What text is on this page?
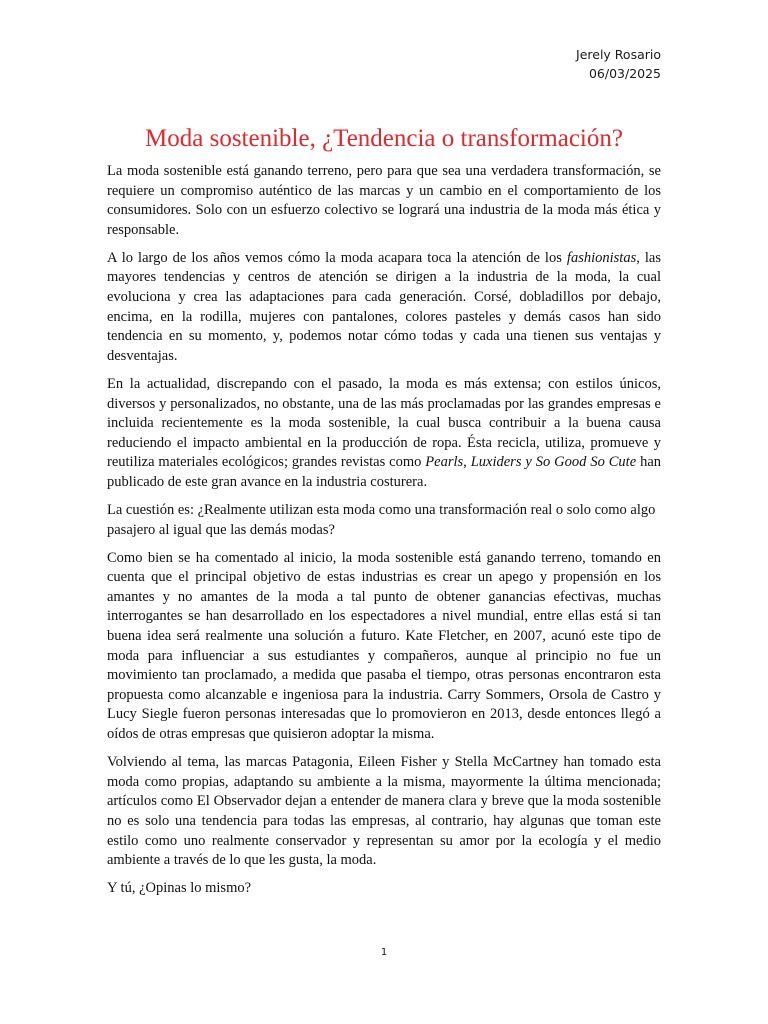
Jerely Rosario
06/03/2025
Moda sostenible, ¿Tendencia o transformación?

La moda sostenible está ganando terreno, pero para que sea una verdadera transformación, se requiere un compromiso auténtico de las marcas y un cambio en el comportamiento de los consumidores. Solo con un esfuerzo colectivo se logrará una industria de la moda más ética y responsable.

A lo largo de los años vemos cómo la moda acapara toca la atención de los fashionistas, las mayores tendencias y centros de atención se dirigen a la industria de la moda, la cual evoluciona y crea las adaptaciones para cada generación. Corsé, dobladillos por debajo, encima, en la rodilla, mujeres con pantalones, colores pasteles y demás casos han sido tendencia en su momento, y, podemos notar cómo todas y cada una tienen sus ventajas y desventajas.

En la actualidad, discrepando con el pasado, la moda es más extensa; con estilos únicos, diversos y personalizados, no obstante, una de las más proclamadas por las grandes empresas e incluida recientemente es la moda sostenible, la cual busca contribuir a la buena causa reduciendo el impacto ambiental en la producción de ropa. Ésta recicla, utiliza, promueve y reutiliza materiales ecológicos; grandes revistas como Pearls, Luxiders y So Good So Cute han publicado de este gran avance en la industria costurera.

La cuestión es: ¿Realmente utilizan esta moda como una transformación real o solo como algo pasajero al igual que las demás modas?

Como bien se ha comentado al inicio, la moda sostenible está ganando terreno, tomando en cuenta que el principal objetivo de estas industrias es crear un apego y propensión en los amantes y no amantes de la moda a tal punto de obtener ganancias efectivas, muchas interrogantes se han desarrollado en los espectadores a nivel mundial, entre ellas está si tan buena idea será realmente una solución a futuro. Kate Fletcher, en 2007, acunó este tipo de moda para influenciar a sus estudiantes y compañeros, aunque al principio no fue un movimiento tan proclamado, a medida que pasaba el tiempo, otras personas encontraron esta propuesta como alcanzable e ingeniosa para la industria. Carry Sommers, Orsola de Castro y Lucy Siegle fueron personas interesadas que lo promovieron en 2013, desde entonces llegó a oídos de otras empresas que quisieron adoptar la misma.

Volviendo al tema, las marcas Patagonia, Eileen Fisher y Stella McCartney han tomado esta moda como propias, adaptando su ambiente a la misma, mayormente la última mencionada; artículos como El Observador dejan a entender de manera clara y breve que la moda sostenible no es solo una tendencia para todas las empresas, al contrario, hay algunas que toman este estilo como uno realmente conservador y representan su amor por la ecología y el medio ambiente a través de lo que les gusta, la moda.

Y tú, ¿Opinas lo mismo?

1
